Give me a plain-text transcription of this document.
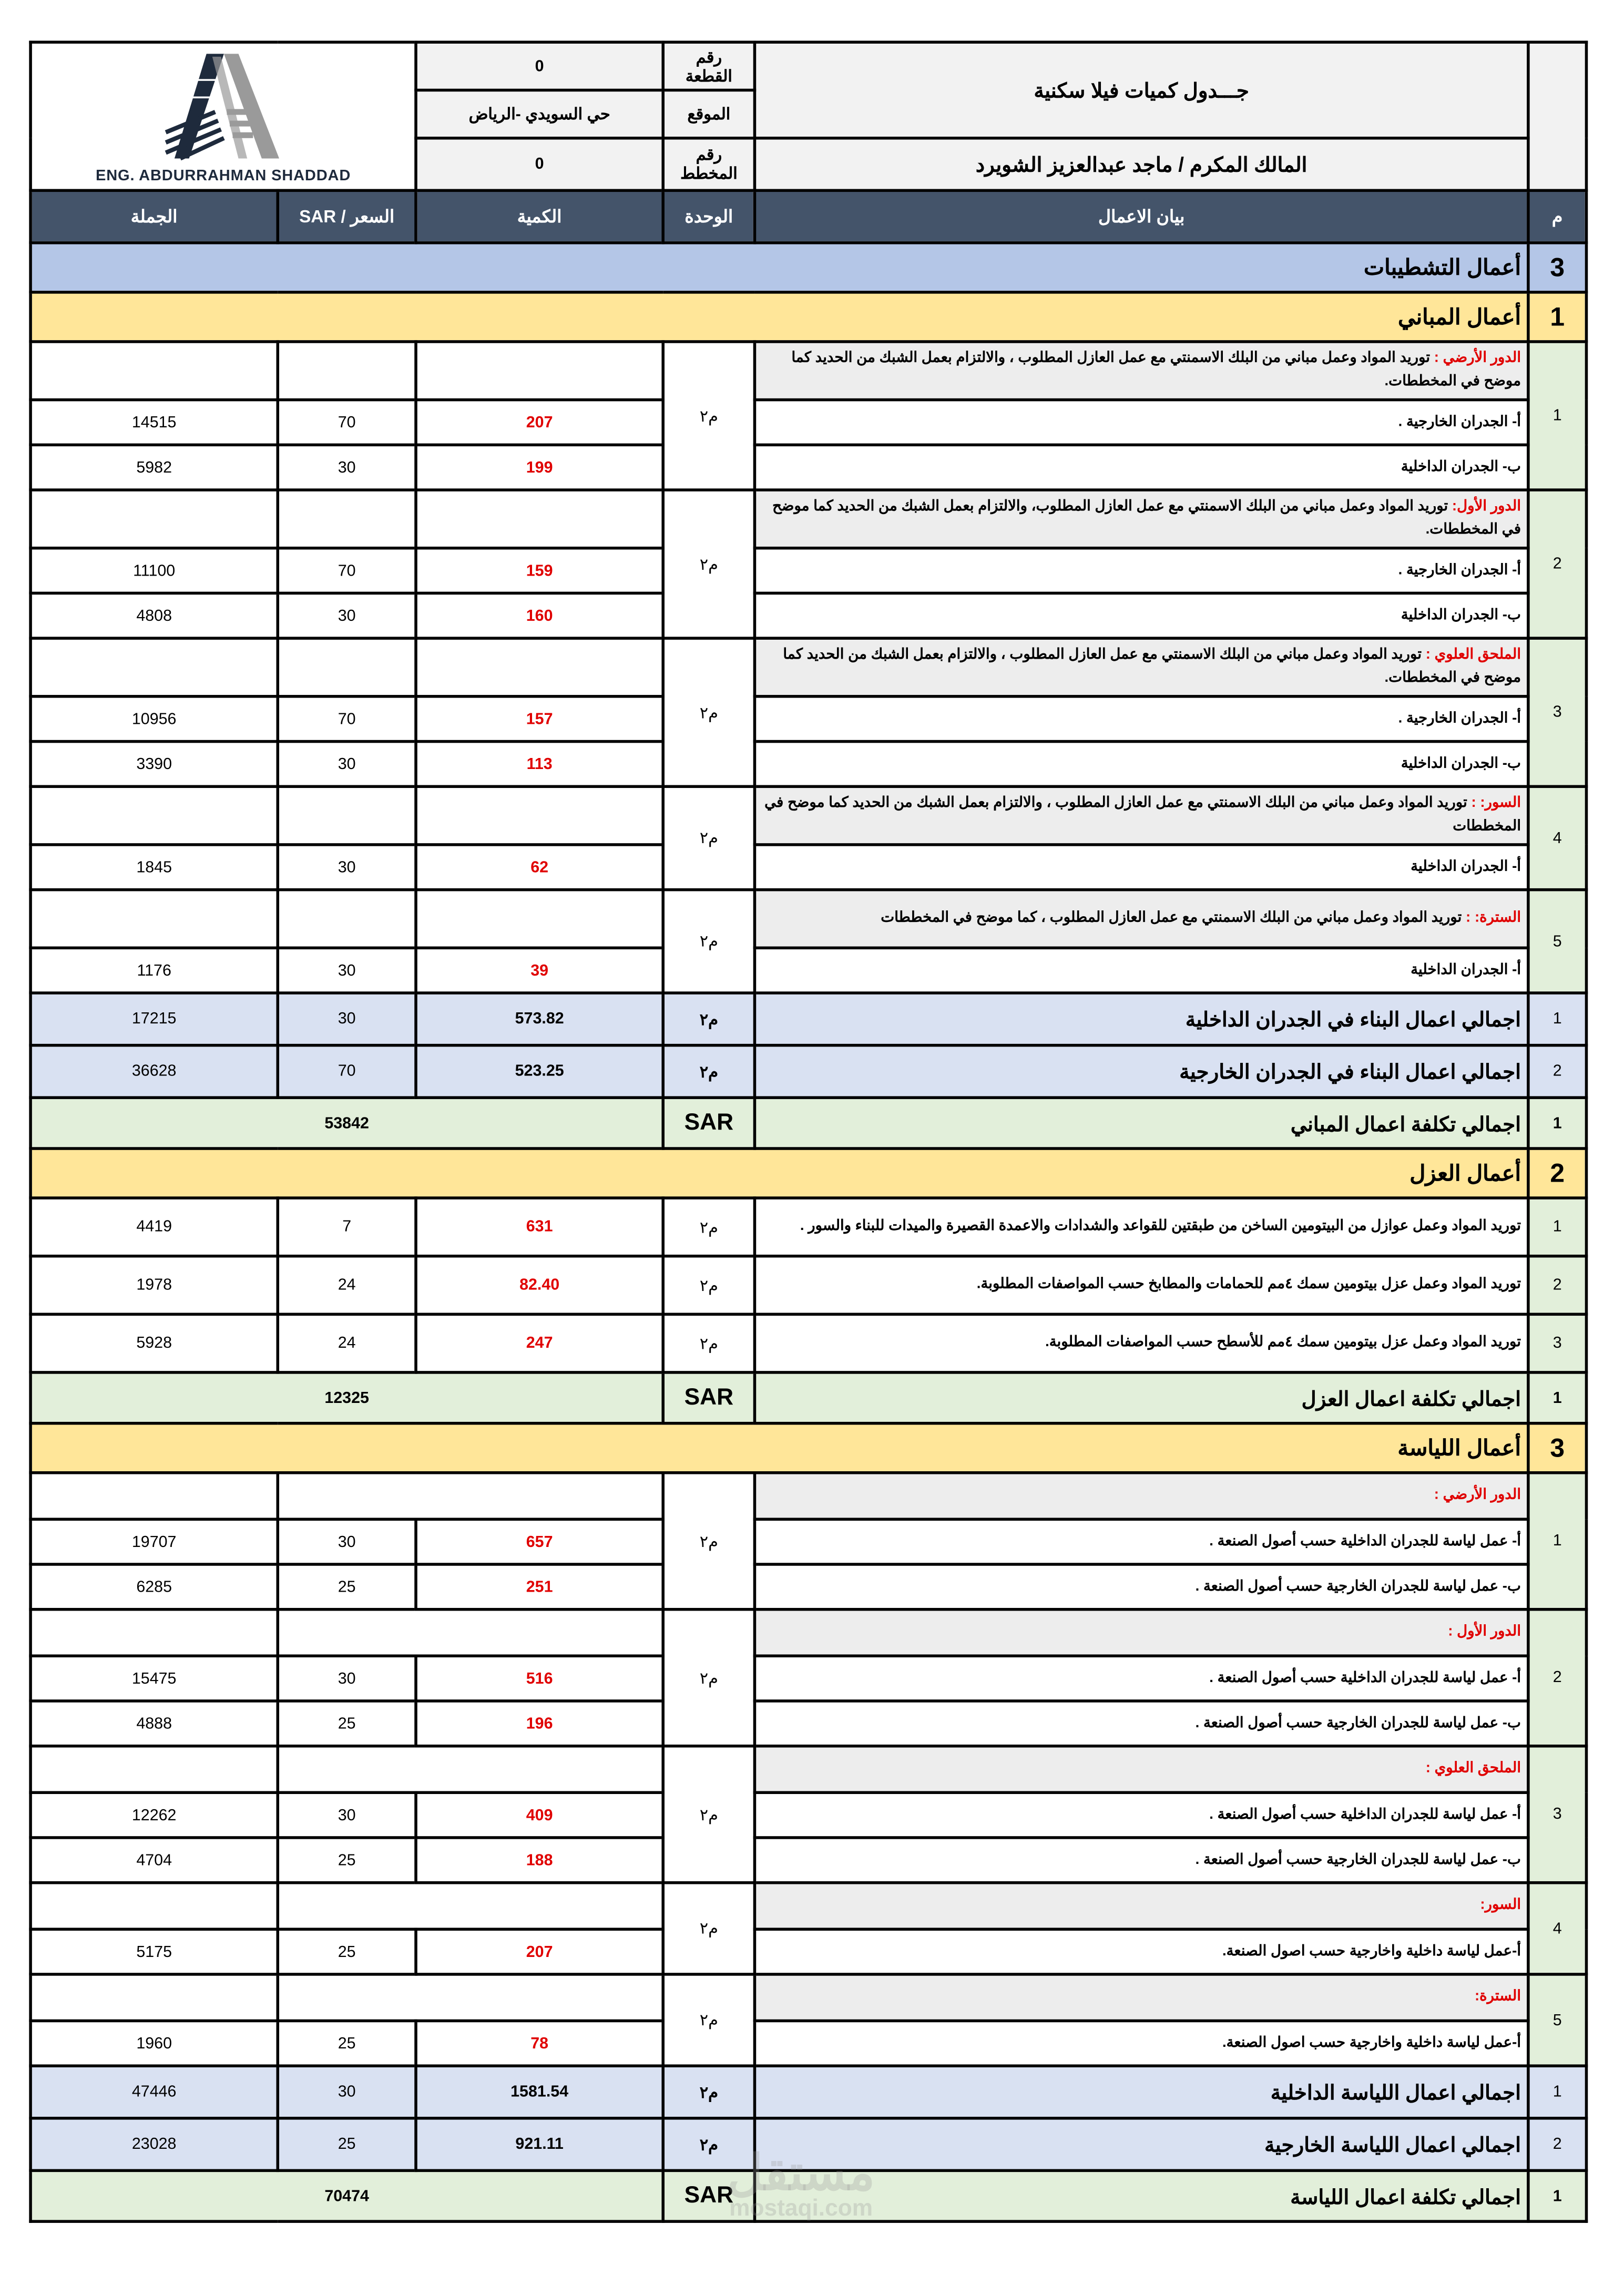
	جـــدول كميات فيلا سكنية	رقم القطعة	0	ENG. ABDURRAHMAN SHADDAD	

		الموقع	حي السويدي -الرياض		
	المالك المكرم / ماجد عبدالعزيز الشويرد	رقم المخطط	0		
م	بيان الاعمال	الوحدة	الكمية	السعر / SAR	الجملة
3	أعمال التشطيبات				
1	أعمال المباني				
1	الدور الأرضي : توريد المواد وعمل مباني من البلك الاسمنتي مع عمل العازل المطلوب ، والالتزام بعمل الشبك من الحديد كما موضح في المخططات.	م٢			
	أ- الجدران الخارجية .		207	70	14515
	ب- الجدران الداخلية		199	30	5982
2	الدور الأول: توريد المواد وعمل مباني من البلك الاسمنتي مع عمل العازل المطلوب، والالتزام بعمل الشبك من الحديد كما موضح في المخططات.	م٢			
	أ- الجدران الخارجية .		159	70	11100
	ب- الجدران الداخلية		160	30	4808
3	الملحق العلوي : توريد المواد وعمل مباني من البلك الاسمنتي مع عمل العازل المطلوب ، والالتزام بعمل الشبك من الحديد كما موضح في المخططات.	م٢			
	أ- الجدران الخارجية .		157	70	10956
	ب- الجدران الداخلية		113	30	3390
4	السور: : توريد المواد وعمل مباني من البلك الاسمنتي مع عمل العازل المطلوب ، والالتزام بعمل الشبك من الحديد كما موضح في المخططات	م٢			
	أ- الجدران الداخلية		62	30	1845
5	السترة: : توريد المواد وعمل مباني من البلك الاسمنتي مع عمل العازل المطلوب ، كما موضح في المخططات	م٢			
	أ- الجدران الداخلية		39	30	1176
1	اجمالي اعمال البناء في الجدران الداخلية	م٢	573.82	30	17215
2	اجمالي اعمال البناء في الجدران الخارجية	م٢	523.25	70	36628
1	اجمالي تكلفة اعمال المباني	SAR	53842		
2	أعمال العزل				
1	توريد المواد وعمل عوازل من البيتومين الساخن من طبقتين للقواعد والشدادات والاعمدة القصيرة والميدات للبناء والسور .	م٢	631	7	4419
2	توريد المواد وعمل عزل بيتومين سمك ٤مم للحمامات والمطابخ حسب المواصفات المطلوبة.	م٢	82.40	24	1978
3	توريد المواد وعمل عزل بيتومين سمك ٤مم للأسطح حسب المواصفات المطلوبة.	م٢	247	24	5928
1	اجمالي تكلفة اعمال العزل	SAR	12325		
3	أعمال اللياسة				
1	الدور الأرضي :	م٢			
	أ- عمل لياسة للجدران الداخلية حسب أصول الصنعة .		657	30	19707
	ب- عمل لياسة للجدران الخارجية حسب أصول الصنعة .		251	25	6285
2	الدور الأول :	م٢			
	أ- عمل لياسة للجدران الداخلية حسب أصول الصنعة .		516	30	15475
	ب- عمل لياسة للجدران الخارجية حسب أصول الصنعة .		196	25	4888
3	الملحق العلوي :	م٢			
	أ- عمل لياسة للجدران الداخلية حسب أصول الصنعة .		409	30	12262
	ب- عمل لياسة للجدران الخارجية حسب أصول الصنعة .		188	25	4704
4	السور:	م٢			
	أ-عمل لياسة داخلية واخارجية حسب اصول الصنعة.		207	25	5175
5	السترة:	م٢			
	أ-عمل لياسة داخلية واخارجية حسب اصول الصنعة.		78	25	1960
1	اجمالي اعمال اللياسة الداخلية	م٢	1581.54	30	47446
2	اجمالي اعمال اللياسة الخارجية	م٢	921.11	25	23028
1	اجمالي تكلفة اعمال اللياسة	SAR	70474			مستقل
mostaqi.com
